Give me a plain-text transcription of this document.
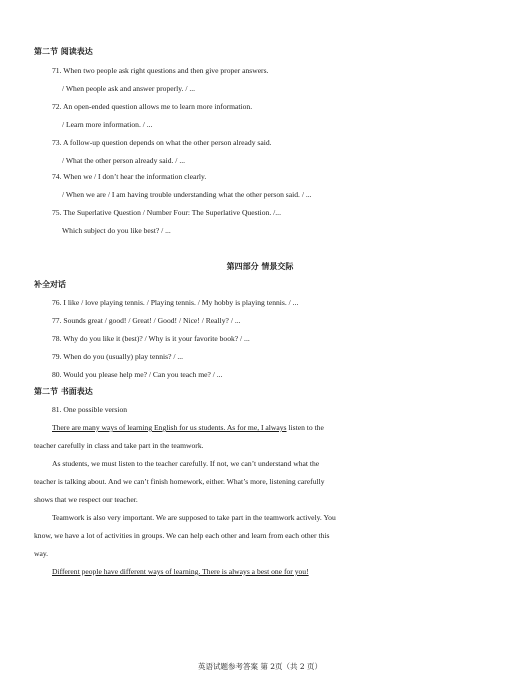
第二节 阅读表达
71. When two people ask right questions and then give proper answers.
/ When people ask and answer properly. / ...
72. An open-ended question allows me to learn more information.
/ Learn more information. / ...
73. A follow-up question depends on what the other person already said.
/ What the other person already said. / ...
74. When we / I don’t hear the information clearly.
/ When we are / I am having trouble understanding what the other person said. / ...
75. The Superlative Question / Number Four: The Superlative Question. /...
Which subject do you like best? / ...
第四部分 情景交际
补全对话
76. I like / love playing tennis. / Playing tennis. / My hobby is playing tennis. / ...
77. Sounds great / good! / Great! / Good! / Nice! / Really? / ...
78. Why do you like it (best)? / Why is it your favorite book? / ...
79. When do you (usually) play tennis? / ...
80. Would you please help me? / Can you teach me? / ...
第二节 书面表达
81. One possible version
There are many ways of learning English for us students. As for me, I always listen to the
teacher carefully in class and take part in the teamwork.
As students, we must listen to the teacher carefully. If not, we can’t understand what the
teacher is talking about. And we can’t finish homework, either. What’s more, listening carefully
shows that we respect our teacher.
Teamwork is also very important. We are supposed to take part in the teamwork actively. You
know, we have a lot of activities in groups. We can help each other and learn from each other this
way.
Different people have different ways of learning. There is always a best one for you!
英语试题参考答案 第 2页（共 2 页）
